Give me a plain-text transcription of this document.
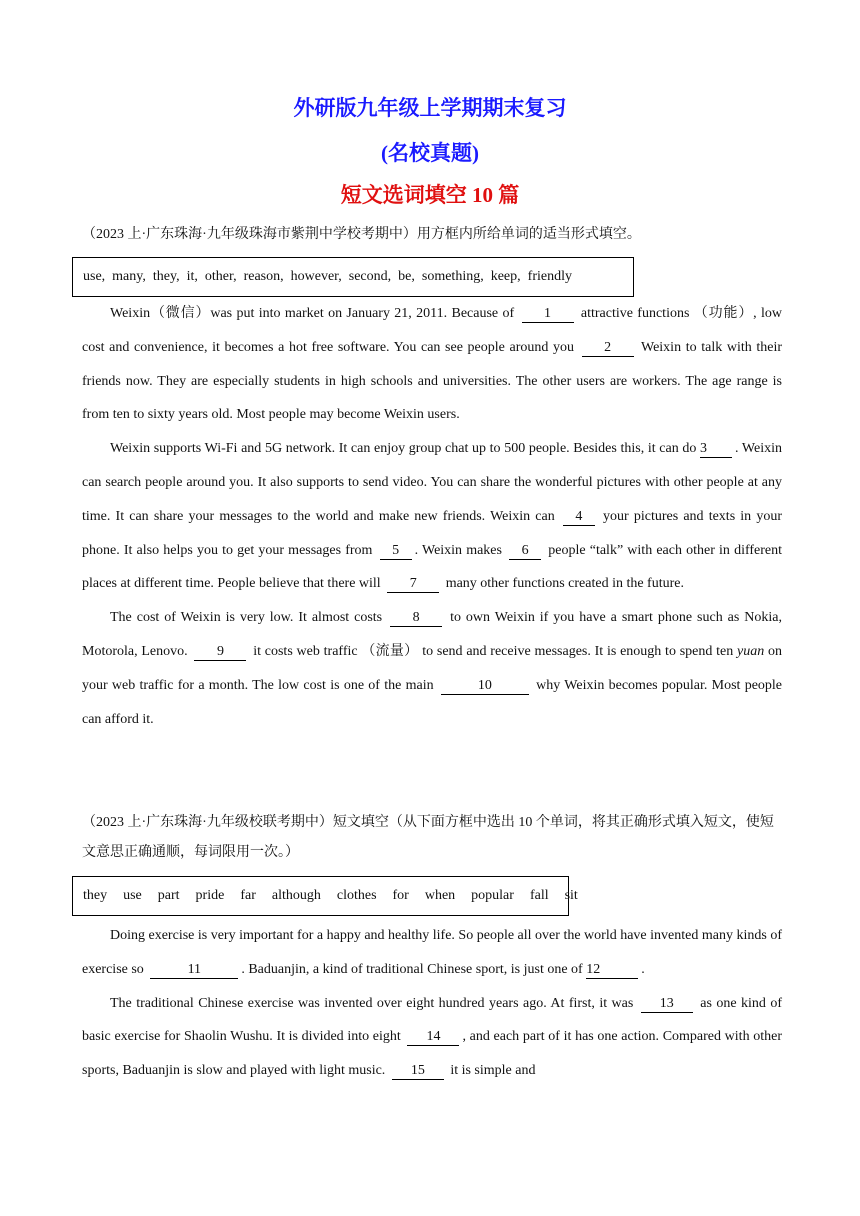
外研版九年级上学期期末复习
(名校真题)
短文选词填空 10 篇
（2023 上·广东珠海·九年级珠海市紫荆中学校考期中）用方框内所给单词的适当形式填空。
use, many, they, it, other, reason, however, second, be, something, keep, friendly

Weixin（微信）was put into market on January 21, 2011. Because of 1 attractive functions （功能）, low cost and convenience, it becomes a hot free software. You can see people around you 2 Weixin to talk with their friends now. They are especially students in high schools and universities. The other users are workers. The age range is from ten to sixty years old. Most people may become Weixin users.

Weixin supports Wi-Fi and 5G network. It can enjoy group chat up to 500 people. Besides this, it can do 3 . Weixin can search people around you. It also supports to send video. You can share the wonderful pictures with other people at any time. It can share your messages to the world and make new friends. Weixin can 4 your pictures and texts in your phone. It also helps you to get your messages from 5 . Weixin makes 6 people “talk” with each other in different places at different time. People believe that there will 7 many other functions created in the future.

The cost of Weixin is very low. It almost costs 8 to own Weixin if you have a smart phone such as Nokia, Motorola, Lenovo. 9 it costs web traffic （流量） to send and receive messages. It is enough to spend ten yuan on your web traffic for a month. The low cost is one of the main	10	why Weixin becomes popular. Most people can afford it.

（2023 上·广东珠海·九年级校联考期中）短文填空（从下面方框中选出 10 个单词，将其正确形式填入短文，使短文意思正确通顺，每词限用一次。）
they use part pride far although clothes for when popular fall sit

Doing exercise is very important for a happy and healthy life. So people all over the world have invented many kinds of exercise so	11	. Baduanjin, a kind of traditional Chinese sport, is just one of 12	.

The traditional Chinese exercise was invented over eight hundred years ago. At first, it was 13 as one kind of basic exercise for Shaolin Wushu. It is divided into eight 14 , and each part of it has one action. Compared with other sports, Baduanjin is slow and played with light music. 15 it is simple and
